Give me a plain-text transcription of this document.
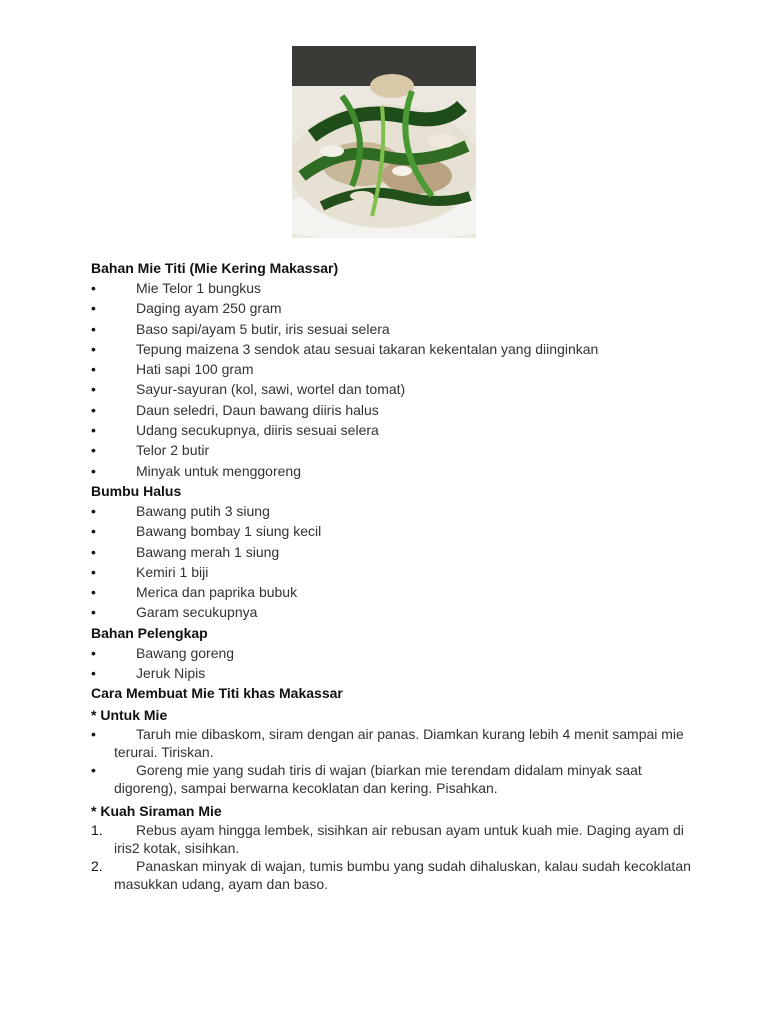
Bahan Mie Titi (Mie Kering Makassar)
•	Mie Telor 1 bungkus
•	Daging ayam 250 gram
•	Baso sapi/ayam 5 butir, iris sesuai selera
•	Tepung maizena 3 sendok atau sesuai takaran kekentalan yang diinginkan
•	Hati sapi 100 gram
•	Sayur-sayuran (kol, sawi, wortel dan tomat)
•	Daun seledri, Daun bawang diiris halus
•	Udang secukupnya, diiris sesuai selera
•	Telor 2 butir
•	Minyak untuk menggoreng
Bumbu Halus
•	Bawang putih 3 siung
•	Bawang bombay 1 siung kecil
•	Bawang merah 1 siung
•	Kemiri 1 biji
•	Merica dan paprika bubuk
•	Garam secukupnya
Bahan Pelengkap
•	Bawang goreng
•	Jeruk Nipis
Cara Membuat Mie Titi khas Makassar
* Untuk Mie
•	Taruh mie dibaskom, siram dengan air panas. Diamkan kurang lebih 4 menit sampai mie terurai. Tiriskan.
•	Goreng mie yang sudah tiris di wajan (biarkan mie terendam didalam minyak saat digoreng), sampai berwarna kecoklatan dan kering. Pisahkan.
* Kuah Siraman Mie
1. Rebus ayam hingga lembek, sisihkan air rebusan ayam untuk kuah mie. Daging ayam di iris2 kotak, sisihkan.
2. Panaskan minyak di wajan, tumis bumbu yang sudah dihaluskan, kalau sudah kecoklatan masukkan udang, ayam dan baso.
